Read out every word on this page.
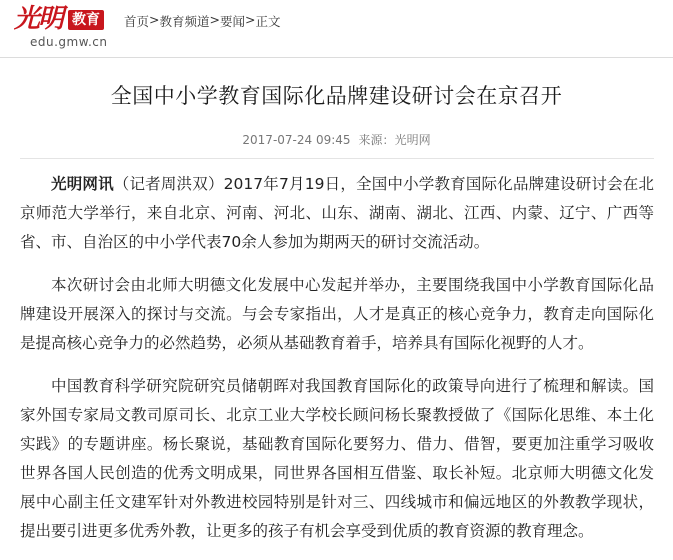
光明 教育
edu.gmw.cn
首页 > 教育频道 > 要闻 > 正文
全国中小学教育国际化品牌建设研讨会在京召开
2017-07-24 09:45 来源：光明网

光明网讯（记者周洪双）2017年7月19日，全国中小学教育国际化品牌建设研讨会在北京师范大学举行，来自北京、河南、河北、山东、湖南、湖北、江西、内蒙、辽宁、广西等省、市、自治区的中小学代表70余人参加为期两天的研讨交流活动。

本次研讨会由北师大明德文化发展中心发起并举办，主要围绕我国中小学教育国际化品牌建设开展深入的探讨与交流。与会专家指出，人才是真正的核心竞争力，教育走向国际化是提高核心竞争力的必然趋势，必须从基础教育着手，培养具有国际化视野的人才。

中国教育科学研究院研究员储朝晖对我国教育国际化的政策导向进行了梳理和解读。国家外国专家局文教司原司长、北京工业大学校长顾问杨长聚教授做了《国际化思维、本土化实践》的专题讲座。杨长聚说，基础教育国际化要努力、借力、借智，要更加注重学习吸收世界各国人民创造的优秀文明成果，同世界各国相互借鉴、取长补短。北京师大明德文化发展中心副主任文建军针对外教进校园特别是针对三、四线城市和偏远地区的外教教学现状，提出要引进更多优秀外教，让更多的孩子有机会享受到优质的教育资源的教育理念。
